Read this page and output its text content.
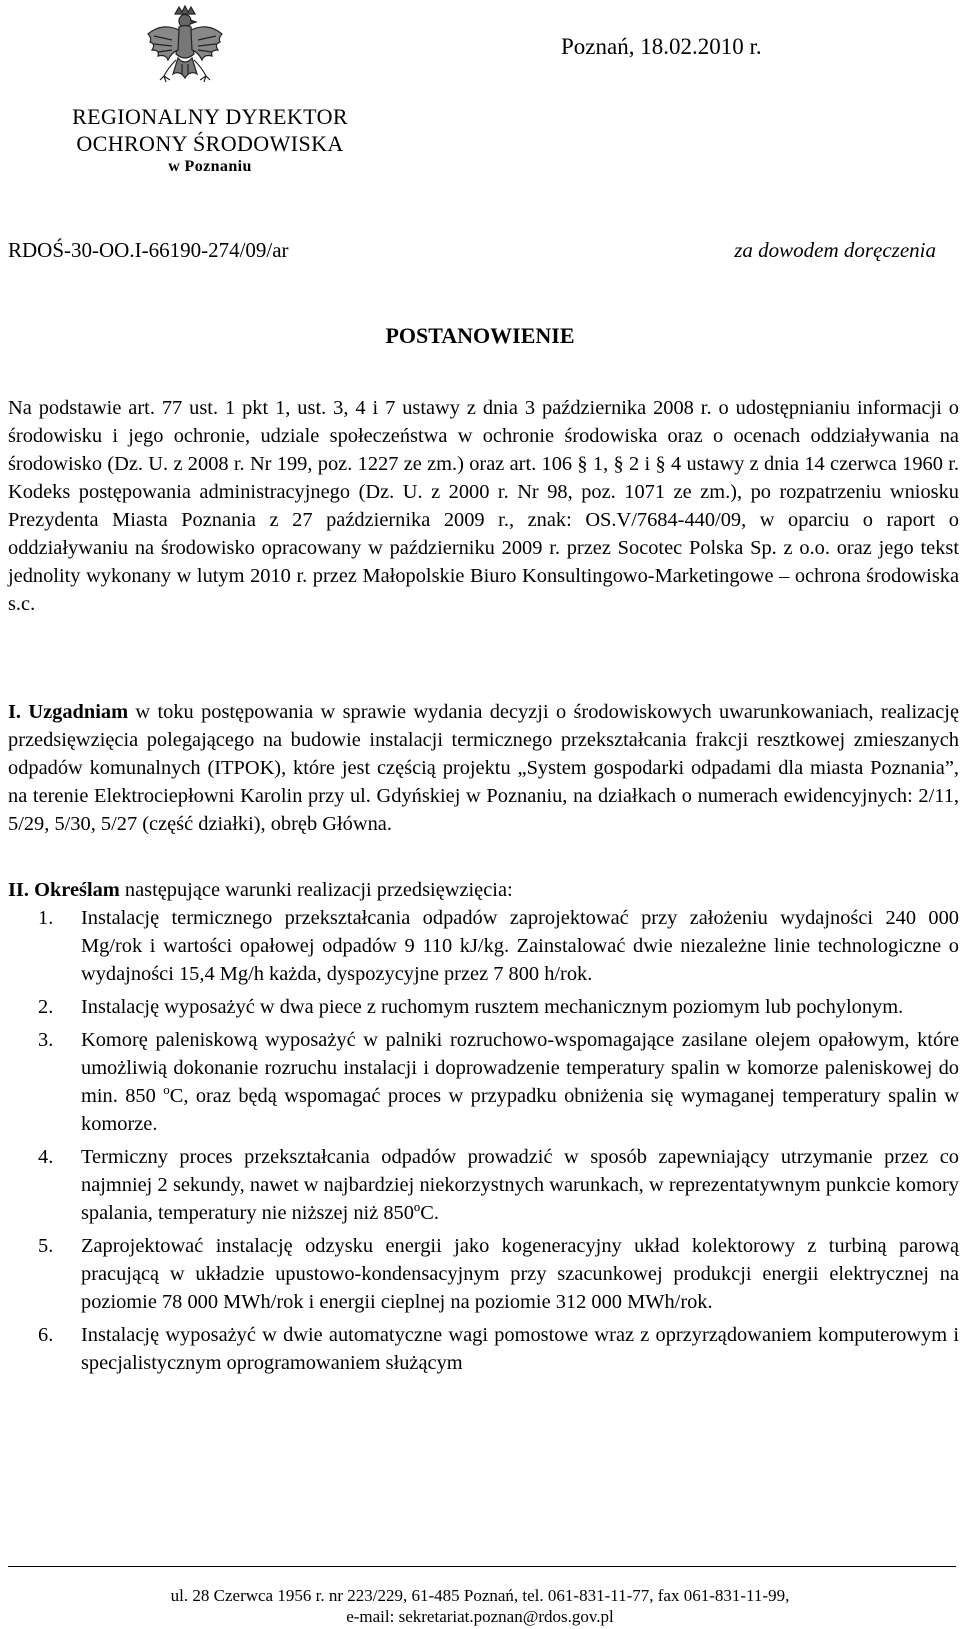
REGIONALNY DYREKTOR
OCHRONY ŚRODOWISKA
w Poznaniu
Poznań, 18.02.2010 r.
RDOŚ-30-OO.I-66190-274/09/ar	za dowodem doręczenia
POSTANOWIENIE
Na podstawie art. 77 ust. 1 pkt 1, ust. 3, 4 i 7 ustawy z dnia 3 października 2008 r. o udostępnianiu informacji o środowisku i jego ochronie, udziale społeczeństwa w ochronie środowiska oraz o ocenach oddziaływania na środowisko (Dz. U. z 2008 r. Nr 199, poz. 1227 ze zm.) oraz art. 106 § 1, § 2 i § 4 ustawy z dnia 14 czerwca 1960 r. Kodeks postępowania administracyjnego (Dz. U. z 2000 r. Nr 98, poz. 1071 ze zm.), po rozpatrzeniu wniosku Prezydenta Miasta Poznania z 27 października 2009 r., znak: OS.V/7684-440/09, w oparciu o raport o oddziaływaniu na środowisko opracowany w październiku 2009 r. przez Socotec Polska Sp. z o.o. oraz jego tekst jednolity wykonany w lutym 2010 r. przez Małopolskie Biuro Konsultingowo-Marketingowe – ochrona środowiska s.c.
I. Uzgadniam w toku postępowania w sprawie wydania decyzji o środowiskowych uwarunkowaniach, realizację przedsięwzięcia polegającego na budowie instalacji termicznego przekształcania frakcji resztkowej zmieszanych odpadów komunalnych (ITPOK), które jest częścią projektu „System gospodarki odpadami dla miasta Poznania”, na terenie Elektrociepłowni Karolin przy ul. Gdyńskiej w Poznaniu, na działkach o numerach ewidencyjnych: 2/11, 5/29, 5/30, 5/27 (część działki), obręb Główna.
II. Określam następujące warunki realizacji przedsięwzięcia:
1. Instalację termicznego przekształcania odpadów zaprojektować przy założeniu wydajności 240 000 Mg/rok i wartości opałowej odpadów 9 110 kJ/kg. Zainstalować dwie niezależne linie technologiczne o wydajności 15,4 Mg/h każda, dyspozycyjne przez 7 800 h/rok.
2. Instalację wyposażyć w dwa piece z ruchomym rusztem mechanicznym poziomym lub pochylonym.
3. Komorę paleniskową wyposażyć w palniki rozruchowo-wspomagające zasilane olejem opałowym, które umożliwią dokonanie rozruchu instalacji i doprowadzenie temperatury spalin w komorze paleniskowej do min. 850 $^o$C, oraz będą wspomagać proces w przypadku obniżenia się wymaganej temperatury spalin w komorze.
4. Termiczny proces przekształcania odpadów prowadzić w sposób zapewniający utrzymanie przez co najmniej 2 sekundy, nawet w najbardziej niekorzystnych warunkach, w reprezentatywnym punkcie komory spalania, temperatury nie niższej niż 850ºC.
5. Zaprojektować instalację odzysku energii jako kogeneracyjny układ kolektorowy z turbiną parową pracującą w układzie upustowo-kondensacyjnym przy szacunkowej produkcji energii elektrycznej na poziomie 78 000 MWh/rok i energii cieplnej na poziomie 312 000 MWh/rok.
6. Instalację wyposażyć w dwie automatyczne wagi pomostowe wraz z oprzyrządowaniem komputerowym i specjalistycznym oprogramowaniem służącym
ul. 28 Czerwca 1956 r. nr 223/229, 61-485 Poznań, tel. 061-831-11-77, fax 061-831-11-99,
e-mail: sekretariat.poznan@rdos.gov.pl
